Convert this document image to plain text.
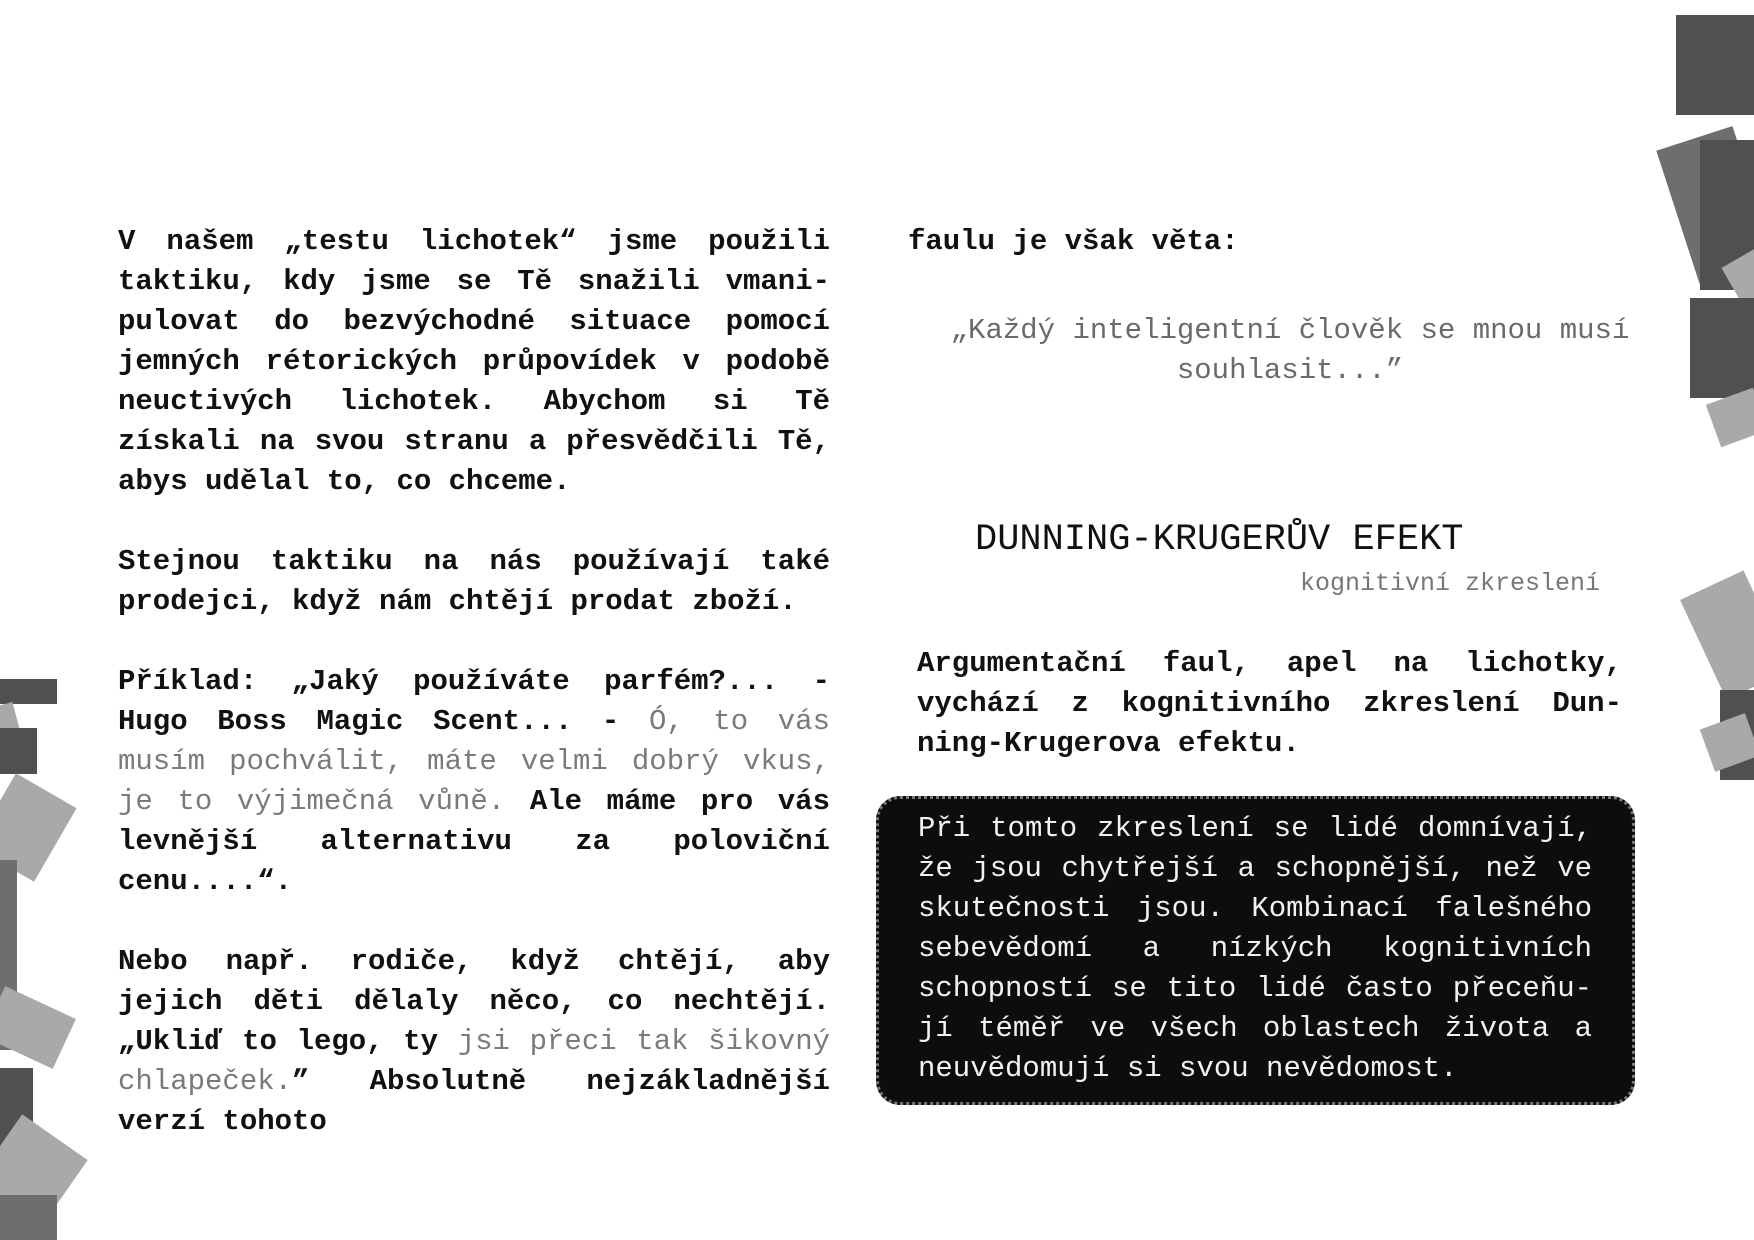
V našem „testu lichotek“ jsme použili taktiku, kdy jsme se Tě snažili vmanipulovat do bezvýchodné situace pomocí jemných rétorických průpovídek v podobě neuctivých lichotek. Abychom si Tě získali na svou stranu a přesvědčili Tě, abys udělal to, co chceme.

Stejnou taktiku na nás používají také prodejci, když nám chtějí prodat zboží.

Příklad: „Jaký používáte parfém?... - Hugo Boss Magic Scent... - Ó, to vás musím pochválit, máte velmi dobrý vkus, je to výjimečná vůně. Ale máme pro vás levnější alternativu za poloviční cenu....“.

Nebo např. rodiče, když chtějí, aby jejich děti dělaly něco, co nechtějí. „Ukliď to lego, ty jsi přeci tak šikovný chlapeček.” Absolutně nejzákladnější verzí tohoto

faulu je však věta:

„Každý inteligentní člověk se mnou musí souhlasit...”

DUNNING-KRUGERŮV EFEKT

kognitivní zkreslení

Argumentační faul, apel na lichotky, vychází z kognitivního zkreslení Dunning-Krugerova efektu.

Při tomto zkreslení se lidé domnívají, že jsou chytřejší a schopnější, než ve skutečnosti jsou. Kombinací falešného sebevědomí a nízkých kognitivních schopností se tito lidé často přeceňují téměř ve všech oblastech života a neuvědomují si svou nevědomost.
